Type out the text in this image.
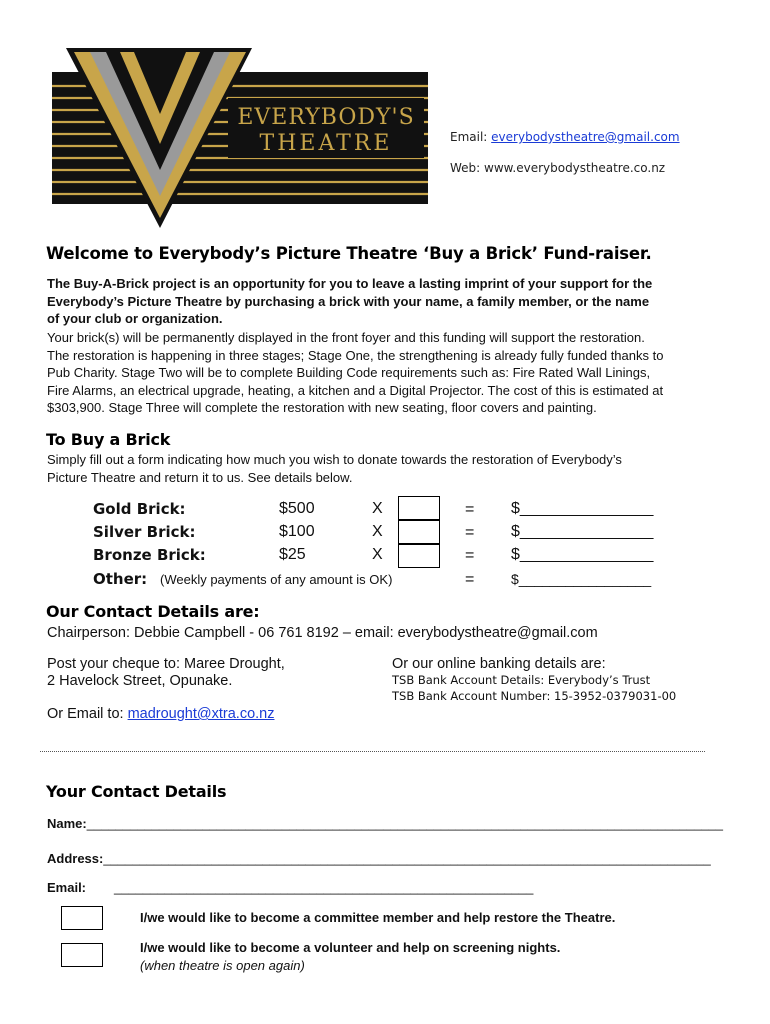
EVERYBODY'S
THEATRE	Email: everybodystheatre@gmail.com
Web: www.everybodystheatre.co.nz
Welcome to Everybody’s Picture Theatre ‘Buy a Brick’ Fund-raiser.
The Buy-A-Brick project is an opportunity for you to leave a lasting imprint of your support for the
Everybody’s Picture Theatre by purchasing a brick with your name, a family member, or the name
of your club or organization.
Your brick(s) will be permanently displayed in the front foyer and this funding will support the restoration.
The restoration is happening in three stages; Stage One, the strengthening is already fully funded thanks to
Pub Charity. Stage Two will be to complete Building Code requirements such as: Fire Rated Wall Linings,
Fire Alarms, an electrical upgrade, heating, a kitchen and a Digital Projector. The cost of this is estimated at
$303,900. Stage Three will complete the restoration with new seating, floor covers and painting.
To Buy a Brick
Simply fill out a form indicating how much you wish to donate towards the restoration of Everybody’s
Picture Theatre and return it to us. See details below.
Gold Brick:	$500	X	= $_______________
Silver Brick:	$100	X	= $_______________
Bronze Brick:	$25	X	= $_______________
Other: (Weekly payments of any amount is OK)	=	$_________________
Our Contact Details are:
Chairperson: Debbie Campbell - 06 761 8192 – email: everybodystheatre@gmail.com
Post your cheque to: Maree Drought,
2 Havelock Street, Opunake.
Or our online banking details are:
TSB Bank Account Details: Everybody’s Trust
TSB Bank Account Number: 15-3952-0379031-00
Or Email to: madrought@xtra.co.nz
Your Contact Details
Name:________________________________________________________________________________________
Address:____________________________________________________________________________________
Email: __________________________________________________________
I/we would like to become a committee member and help restore the Theatre.
I/we would like to become a volunteer and help on screening nights.
(when theatre is open again)
